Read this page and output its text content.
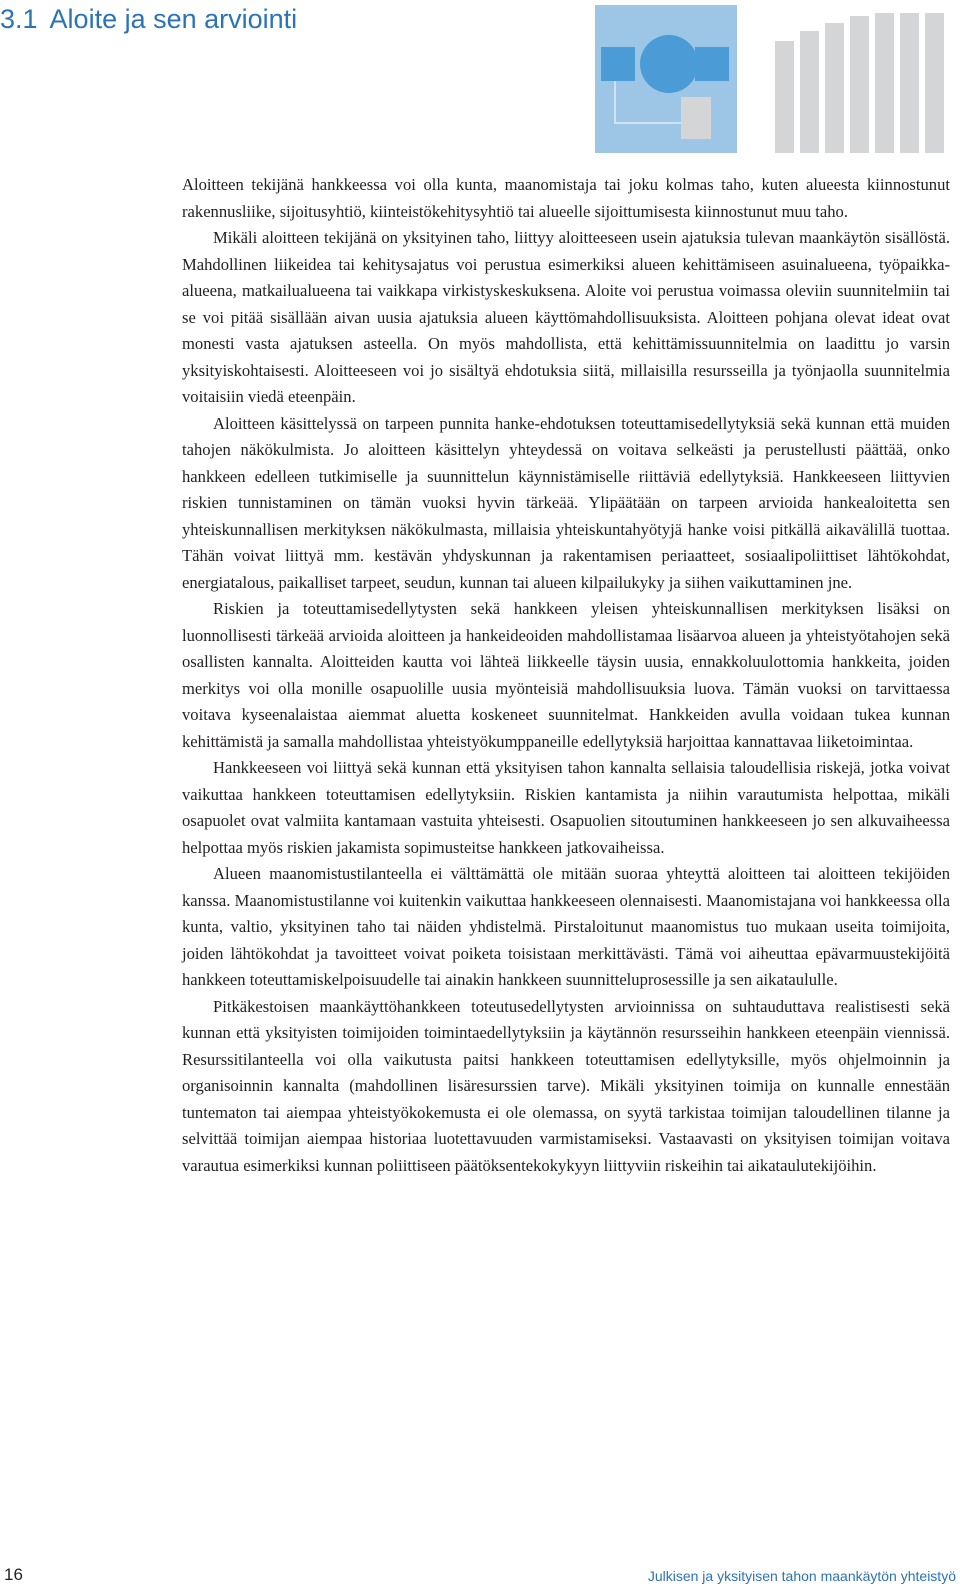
3.1 Aloite ja sen arviointi

Aloitteen tekijänä hankkeessa voi olla kunta, maanomistaja tai joku kolmas taho, kuten alueesta kiinnostunut rakennusliike, sijoitusyhtiö, kiinteistökehitysyhtiö tai alueelle sijoittumisesta kiinnostunut muu taho.

Mikäli aloitteen tekijänä on yksityinen taho, liittyy aloitteeseen usein ajatuksia tulevan maankäytön sisällöstä. Mahdollinen liikeidea tai kehitysajatus voi perustua esimerkiksi alueen kehittämiseen asuinalueena, työpaikka-alueena, matkailualueena tai vaikkapa virkistyskeskuksena. Aloite voi perustua voimassa oleviin suunnitelmiin tai se voi pitää sisällään aivan uusia ajatuksia alueen käyttömahdollisuuksista. Aloitteen pohjana olevat ideat ovat monesti vasta ajatuksen asteella. On myös mahdollista, että kehittämissuunnitelmia on laadittu jo varsin yksityiskohtaisesti. Aloitteeseen voi jo sisältyä ehdotuksia siitä, millaisilla resursseilla ja työnjaolla suunnitelmia voitaisiin viedä eteenpäin.

Aloitteen käsittelyssä on tarpeen punnita hanke-ehdotuksen toteuttamisedellytyksiä sekä kunnan että muiden tahojen näkökulmista. Jo aloitteen käsittelyn yhteydessä on voitava selkeästi ja perustellusti päättää, onko hankkeen edelleen tutkimiselle ja suunnittelun käynnistämiselle riittäviä edellytyksiä. Hankkeeseen liittyvien riskien tunnistaminen on tämän vuoksi hyvin tärkeää. Ylipäätään on tarpeen arvioida hankealoitetta sen yhteiskunnallisen merkityksen näkökulmasta, millaisia yhteiskuntahyötyjä hanke voisi pitkällä aikavälillä tuottaa. Tähän voivat liittyä mm. kestävän yhdyskunnan ja rakentamisen periaatteet, sosiaalipoliittiset lähtökohdat, energiatalous, paikalliset tarpeet, seudun, kunnan tai alueen kilpailukyky ja siihen vaikuttaminen jne.

Riskien ja toteuttamisedellytysten sekä hankkeen yleisen yhteiskunnallisen merkityksen lisäksi on luonnollisesti tärkeää arvioida aloitteen ja hankeideoiden mahdollistamaa lisäarvoa alueen ja yhteistyötahojen sekä osallisten kannalta. Aloitteiden kautta voi lähteä liikkeelle täysin uusia, ennakkoluulottomia hankkeita, joiden merkitys voi olla monille osapuolille uusia myönteisiä mahdollisuuksia luova. Tämän vuoksi on tarvittaessa voitava kyseenalaistaa aiemmat aluetta koskeneet suunnitelmat. Hankkeiden avulla voidaan tukea kunnan kehittämistä ja samalla mahdollistaa yhteistyökumppaneille edellytyksiä harjoittaa kannattavaa liiketoimintaa.

Hankkeeseen voi liittyä sekä kunnan että yksityisen tahon kannalta sellaisia taloudellisia riskejä, jotka voivat vaikuttaa hankkeen toteuttamisen edellytyksiin. Riskien kantamista ja niihin varautumista helpottaa, mikäli osapuolet ovat valmiita kantamaan vastuita yhteisesti. Osapuolien sitoutuminen hankkeeseen jo sen alkuvaiheessa helpottaa myös riskien jakamista sopimusteitse hankkeen jatkovaiheissa.

Alueen maanomistustilanteella ei välttämättä ole mitään suoraa yhteyttä aloitteen tai aloitteen tekijöiden kanssa. Maanomistustilanne voi kuitenkin vaikuttaa hankkeeseen olennaisesti. Maanomistajana voi hankkeessa olla kunta, valtio, yksityinen taho tai näiden yhdistelmä. Pirstaloitunut maanomistus tuo mukaan useita toimijoita, joiden lähtökohdat ja tavoitteet voivat poiketa toisistaan merkittävästi. Tämä voi aiheuttaa epävarmuustekijöitä hankkeen toteuttamiskelpoisuudelle tai ainakin hankkeen suunnitteluprosessille ja sen aikataululle.

Pitkäkestoisen maankäyttöhankkeen toteutusedellytysten arvioinnissa on suhtauduttava realistisesti sekä kunnan että yksityisten toimijoiden toimintaedellytyksiin ja käytännön resursseihin hankkeen eteenpäin viennissä. Resurssitilanteella voi olla vaikutusta paitsi hankkeen toteuttamisen edellytyksille, myös ohjelmoinnin ja organisoinnin kannalta (mahdollinen lisäresurssien tarve). Mikäli yksityinen toimija on kunnalle ennestään tuntematon tai aiempaa yhteistyökokemusta ei ole olemassa, on syytä tarkistaa toimijan taloudellinen tilanne ja selvittää toimijan aiempaa historiaa luotettavuuden varmistamiseksi. Vastaavasti on yksityisen toimijan voitava varautua esimerkiksi kunnan poliittiseen päätöksentekokykyyn liittyviin riskeihin tai aikataulutekijöihin.

16	Julkisen ja yksityisen tahon maankäytön yhteistyö
